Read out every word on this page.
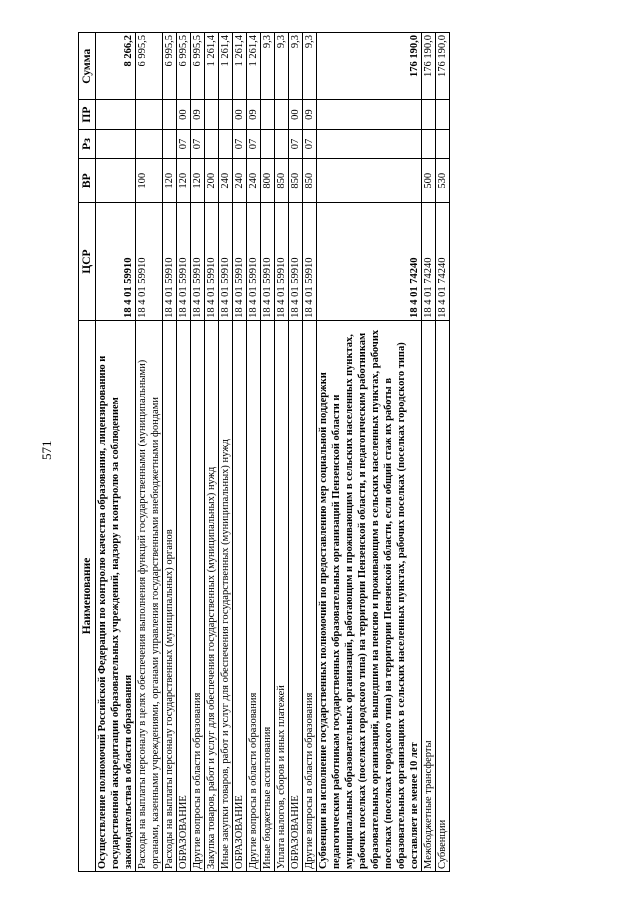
571
Наименование	ЦСР	ВР	Рз	ПР	Сумма
Осуществление полномочий Российской Федерации по контролю качества образования, лицензированию и государственной аккредитации образовательных учреждений, надзору и контролю за соблюдением законодательства в области образования	18 4 01 59910				8 266,2
Расходы на выплаты персоналу в целях обеспечения выполнения функций государственными (муниципальными) органами, казенными учреждениями, органами управления государственными внебюджетными фондами	18 4 01 59910	100			6 995,5
Расходы на выплаты персоналу государственных (муниципальных) органов	18 4 01 59910	120			6 995,5
ОБРАЗОВАНИЕ	18 4 01 59910	120	07	00	6 995,5
Другие вопросы в области образования	18 4 01 59910	120	07	09	6 995,5
Закупка товаров, работ и услуг для обеспечения государственных (муниципальных) нужд	18 4 01 59910	200			1 261,4
Иные закупки товаров, работ и услуг для обеспечения государственных (муниципальных) нужд	18 4 01 59910	240			1 261,4
ОБРАЗОВАНИЕ	18 4 01 59910	240	07	00	1 261,4
Другие вопросы в области образования	18 4 01 59910	240	07	09	1 261,4
Иные бюджетные ассигнования	18 4 01 59910	800			9,3
Уплата налогов, сборов и иных платежей	18 4 01 59910	850			9,3
ОБРАЗОВАНИЕ	18 4 01 59910	850	07	00	9,3
Другие вопросы в области образования	18 4 01 59910	850	07	09	9,3
Субвенции на исполнение государственных полномочий по предоставлению мер социальной поддержки педагогическим работникам государственных образовательных организаций Пензенской области и муниципальных образовательных организаций, работающим и проживающим в сельских населенных пунктах, рабочих поселках (поселках городского типа) на территории Пензенской области, и педагогическим работникам образовательных организаций, вышедшим на пенсию и проживающим в сельских населенных пунктах, рабочих поселках (поселках городского типа) на территории Пензенской области, если общий стаж их работы в образовательных организациях в сельских населенных пунктах, рабочих поселках (поселках городского типа) составляет не менее 10 лет	18 4 01 74240				176 190,0
Межбюджетные трансферты	18 4 01 74240	500			176 190,0
Субвенции	18 4 01 74240	530			176 190,0
